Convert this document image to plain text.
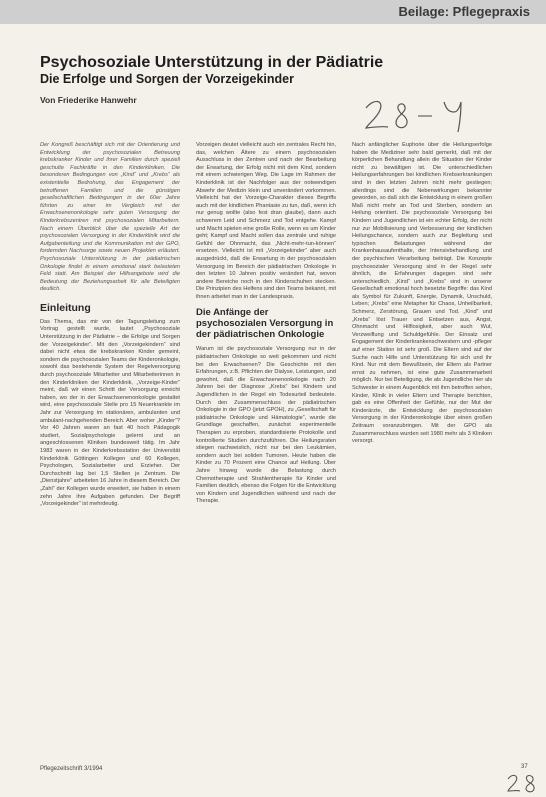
Beilage: Pflegepraxis
Psychosoziale Unterstützung in der Pädiatrie
Die Erfolge und Sorgen der Vorzeigekinder
Von Friederike Hanwehr

Der Kongreß beschäftigt sich mit der Orientierung und Entwicklung der psychosozialen Betreuung krebskranker Kinder und ihrer Familien durch speziell geschulte Fachkräfte in den Kinderkliniken. Die besonderen Bedingungen von „Kind“ und „Krebs“ als existentielle Bedrohung, das Engagement der betroffenen Familien und die günstigen gesellschaftlichen Bedingungen in der 60er Jahre führten zu einer im Vergleich mit der Erwachsenenonkologie sehr guten Versorgung der Kinderkrebszentren mit psychosozialen Mitarbeitern. Nach einem Überblick über die spezielle Art der psychosozialen Versorgung in der Kinderklinik wird die Aufgabenteilung und die Kommunikation mit der GPO, fordernden Nachsorge sowie neuen Projekten erläutert. Psychosoziale Unterstützung in der pädiatrischen Onkologie findet in einem emotional stark belasteten Feld statt. Am Beispiel der Hilfsangebote wird die Bedeutung der Beziehungsarbeit für alle Beteiligten deutlich.

Einleitung

Das Thema, das mir von der Tagungsleitung zum Vortrag gestellt wurde, lautet „Psychosoziale Unterstützung in der Pädiatrie – die Erfolge und Sorgen der Vorzeigekinder“. Mit den „Vorzeigekindern“ sind dabei nicht etwa die krebskranken Kinder gemeint, sondern die psychosozialen Teams der Kinderonkologie, sowohl das bestehende System der Regelversorgung durch psychosoziale Mitarbeiter und Mitarbeiterinnen in den Kinderkliniken der Kinderklinik, „Vorzeige-Kinder“ meint, daß wir einen Schritt der Versorgung erreicht haben, wo der in der Erwachsenenonkologie gestaltet wird, eine psychosoziale Stelle pro 15 Neuerkrankte im Jahr zur Versorgung im stationären, ambulanten und ambulant-nachgehenden Bereich. Aber woher „Kinder“? Vor 40 Jahren waren an fast 40 hoch Pädagogik studiert, Sozialpsychologie gelernt und an angeschlossenen Kliniken bundesweit tätig. Im Jahr 1983 waren in der Kinderkrebsstation der Universität Kinderklinik Göttingen Kollegen und 60 Kollegen, Psychologen, Sozialarbeiter und Erzieher. Der Durchschnitt lag bei 1,5 Stellen je Zentrum. Die „Dienstjahre“ arbeiteten 16 Jahre in diesem Bereich. Der „Zahl“ der Kollegen wurde erweitert, sie haben in einem zehn Jahre ihre Aufgaben gefunden. Der Begriff „Vorzeigekinder“ ist mehrdeutig.

Vorzeigen deutet vielleicht auch ein zentrales Recht hin, das, welchen Ältere zu einem psychosozialen Ausschluss in den Zentren und nach der Bearbeitung der Erwartung, der Erfolg nicht mit dem Kind, sondern mit einem schwierigen Weg. Die Lage im Rahmen der Kinderklinik ist der Nachfolger aus der notwendigen Abwehr der Medizin klein und unverändert vorkommen. Vielleicht hat der Vorzeige-Charakter dieses Begriffs auch mit der kindlichen Phantasie zu tun, daß, wenn ich nur genug wollte (also fest dran glaube), dann auch schwerem Leid und Schmerz und Tod entgehe. Kampf und Macht spielen eine große Rolle, wenn es um Kinder geht; Kampf und Macht sollen das zentrale und ruhige Gefühl der Ohnmacht, das „Nicht-mehr-tun-können“ ersetzen. Vielleicht ist mit „Vorzeigekinder“ aber auch ausgedrückt, daß die Erwartung in der psychosozialen Versorgung im Bereich der pädiatrischen Onkologie in den letzten 10 Jahren positiv verändert hat, wovon andere Bereiche noch in den Kinderschuhen stecken. Die Prinzipien des Helfens sind den Teams bekannt, mit ihnen arbeitet man in der Landespraxis.

Die Anfänge der psychosozialen Versorgung in der pädiatrischen Onkologie

Warum ist die psychosoziale Versorgung nur in der pädiatrischen Onkologie so weit gekommen und nicht bei den Erwachsenen? Die Geschichte mit den Erfahrungen, z.B. Pflichten der Dialyse, Leistungen, und gewohnt, daß die Erwachsenenonkologie nach 20 Jahren bei der Diagnose „Krebs“ bei Kindern und Jugendlichen in der Regel ein Todesurteil bedeutete. Durch den Zusammenschluss der pädiatrischen Onkologie in der GPO (jetzt GPOH), zu „Gesellschaft für pädiatrische Onkologie und Hämatologie“, wurde die Grundlage geschaffen, zunächst experimentelle Therapien zu erproben, standardisierte Protokolle und kontrollierte Studien durchzuführen. Die Heilungsraten stiegen nachweislich, nicht nur bei den Leukämien, sondern auch bei soliden Tumoren. Heute haben die Kinder zu 70 Prozent eine Chance auf Heilung. Über Jahre hinweg wurde die Belastung durch Chemotherapie und Strahlentherapie für Kinder und Familien deutlich, ebenso die Folgen für die Entwicklung von Kindern und Jugendlichen während und nach der Therapie.

Nach anfänglicher Euphorie über die Heilungserfolge haben die Mediziner sehr bald gemerkt, daß mit der körperlichen Behandlung allein die Situation der Kinder nicht zu bewältigen ist. Die unterschiedlichen Heilungserfahrungen bei kindlichen Krebserkrankungen sind in den letzten Jahren nicht mehr gestiegen; allerdings sind die Nebenwirkungen bekannter geworden, so daß sich die Entwicklung in einem großen Maß nicht mehr an Tod und Sterben, sondern an Heilung orientiert. Die psychosoziale Versorgung bei Kindern und Jugendlichen ist ein echter Erfolg, der nicht nur zur Mobilisierung und Verbesserung der kindlichen Heilungschance, sondern auch zur Begleitung und typischen Belastungen während der Krankenhausaufenthalte, der Intensivbehandlung und der psychischen Verarbeitung beiträgt. Die Konzepte psychosozialer Versorgung sind in der Regel sehr ähnlich, die Erfahrungen dagegen sind sehr unterschiedlich. „Kind“ und „Krebs“ sind in unserer Gesellschaft emotional hoch besetzte Begriffe: das Kind als Symbol für Zukunft, Energie, Dynamik, Unschuld, Leben; „Krebs“ eine Metapher für Chaos, Unheilbarkeit, Schmerz, Zerstörung, Grauen und Tod. „Kind“ und „Krebs“ löst Trauer und Entsetzen aus, Angst, Ohnmacht und Hilflosigkeit, aber auch Wut, Verzweiflung und Schuldgefühle. Der Einsatz und Engagement der Kinderkrankenschwestern und -pfleger auf einer Station ist sehr groß. Die Eltern sind auf der Suche nach Hilfe und Unterstützung für sich und ihr Kind. Nur mit dem Bewußtsein, der Eltern als Partner ernst zu nehmen, ist eine gute Zusammenarbeit möglich. Nur bei Beteiligung, die als Jugendliche hier als Schwester in einem Augenblick mit ihm betroffen sehen, Kinder, Klinik in vieler Eltern und Therapie berichten, gab es eine Offenheit der Gefühle, nur der Mut der Kinderärzte, die Entwicklung der psychosozialen Versorgung in der Kinderonkologie über einen großen Zeitraum voranzubringen. Mit der GPO als Zusammenschluss wurden seit 1980 mehr als 3 Kliniken versorgt.

Pflegezeitschrift 3/1994	37
